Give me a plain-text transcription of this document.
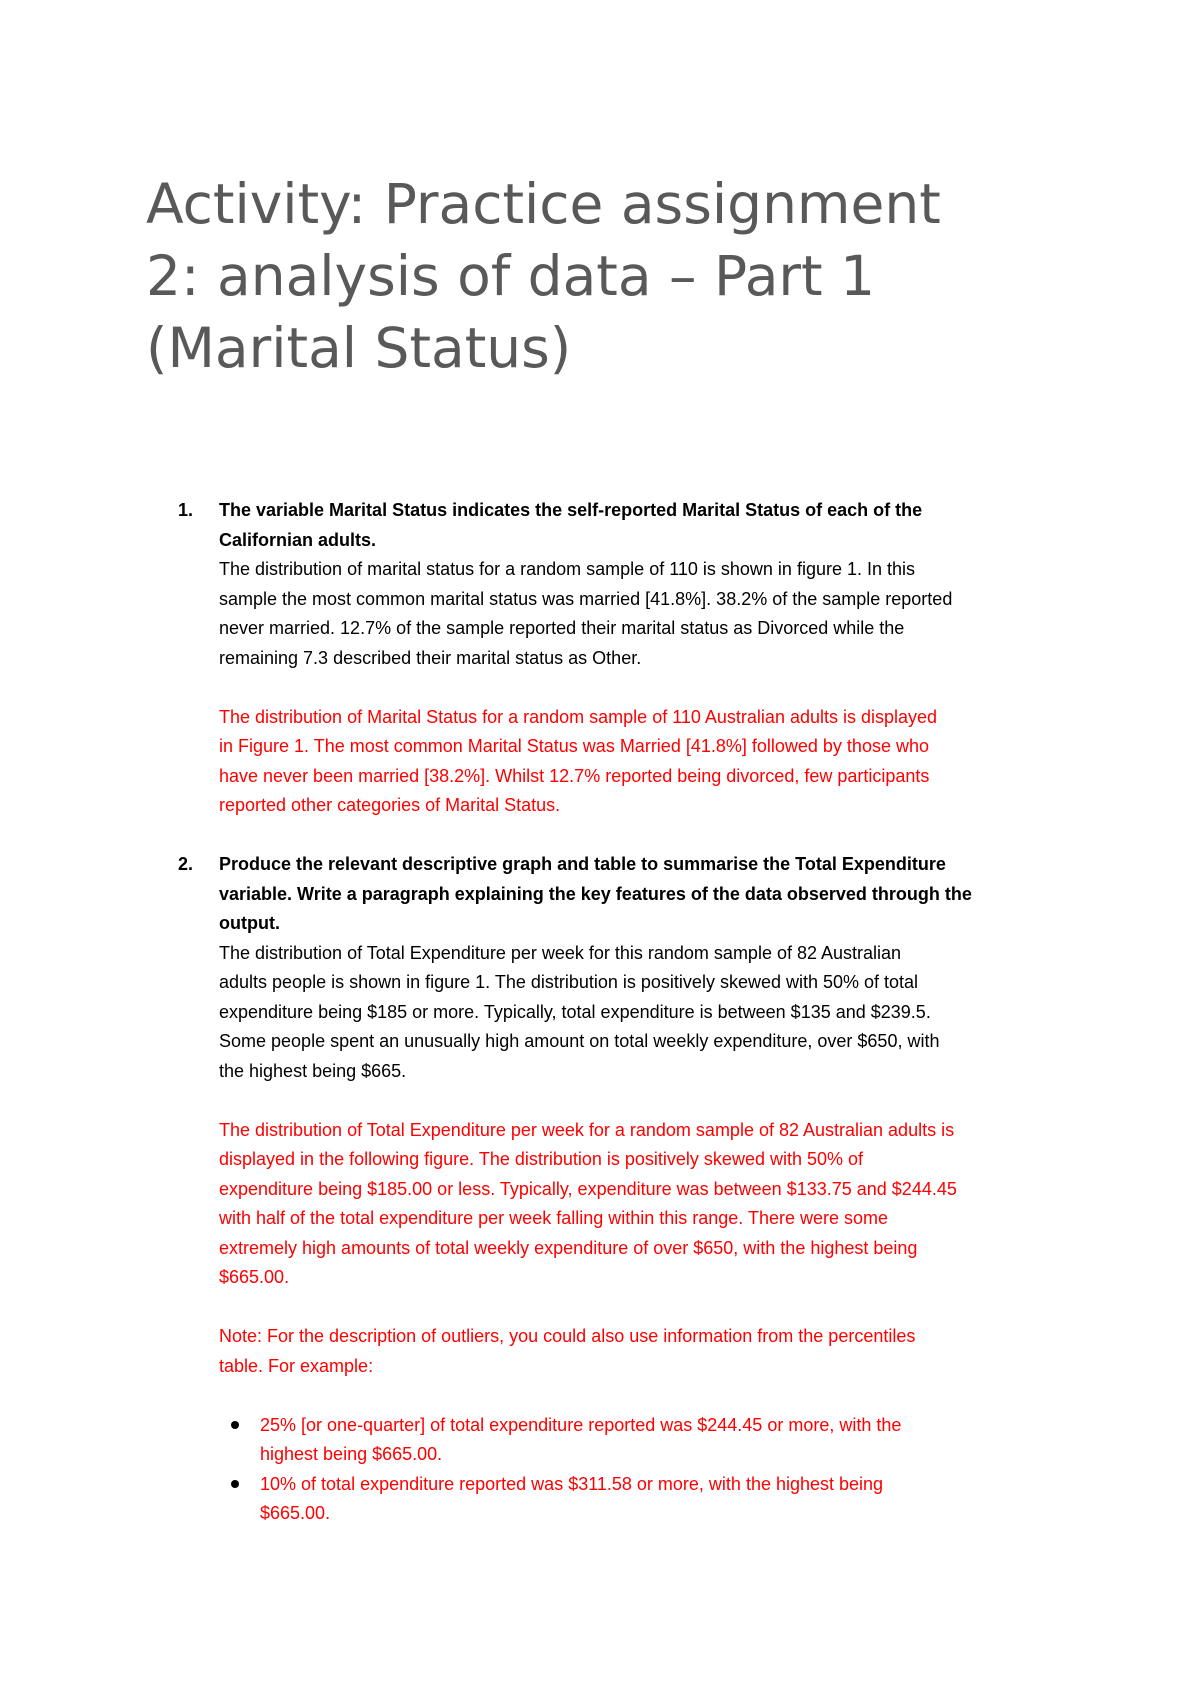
Activity: Practice assignment
2: analysis of data – Part 1
(Marital Status)
1. The variable Marital Status indicates the self-reported Marital Status of each of the
Californian adults.
The distribution of marital status for a random sample of 110 is shown in figure 1. In this
sample the most common marital status was married [41.8%]. 38.2% of the sample reported
never married. 12.7% of the sample reported their marital status as Divorced while the
remaining 7.3 described their marital status as Other.
The distribution of Marital Status for a random sample of 110 Australian adults is displayed
in Figure 1. The most common Marital Status was Married [41.8%] followed by those who
have never been married [38.2%]. Whilst 12.7% reported being divorced, few participants
reported other categories of Marital Status.
2. Produce the relevant descriptive graph and table to summarise the Total Expenditure
variable. Write a paragraph explaining the key features of the data observed through the
output.
The distribution of Total Expenditure per week for this random sample of 82 Australian
adults people is shown in figure 1. The distribution is positively skewed with 50% of total
expenditure being $185 or more. Typically, total expenditure is between $135 and $239.5.
Some people spent an unusually high amount on total weekly expenditure, over $650, with
the highest being $665.
The distribution of Total Expenditure per week for a random sample of 82 Australian adults is
displayed in the following figure. The distribution is positively skewed with 50% of
expenditure being $185.00 or less. Typically, expenditure was between $133.75 and $244.45
with half of the total expenditure per week falling within this range. There were some
extremely high amounts of total weekly expenditure of over $650, with the highest being
$665.00.
Note: For the description of outliers, you could also use information from the percentiles
table. For example:
25% [or one-quarter] of total expenditure reported was $244.45 or more, with the
highest being $665.00.
10% of total expenditure reported was $311.58 or more, with the highest being
$665.00.
